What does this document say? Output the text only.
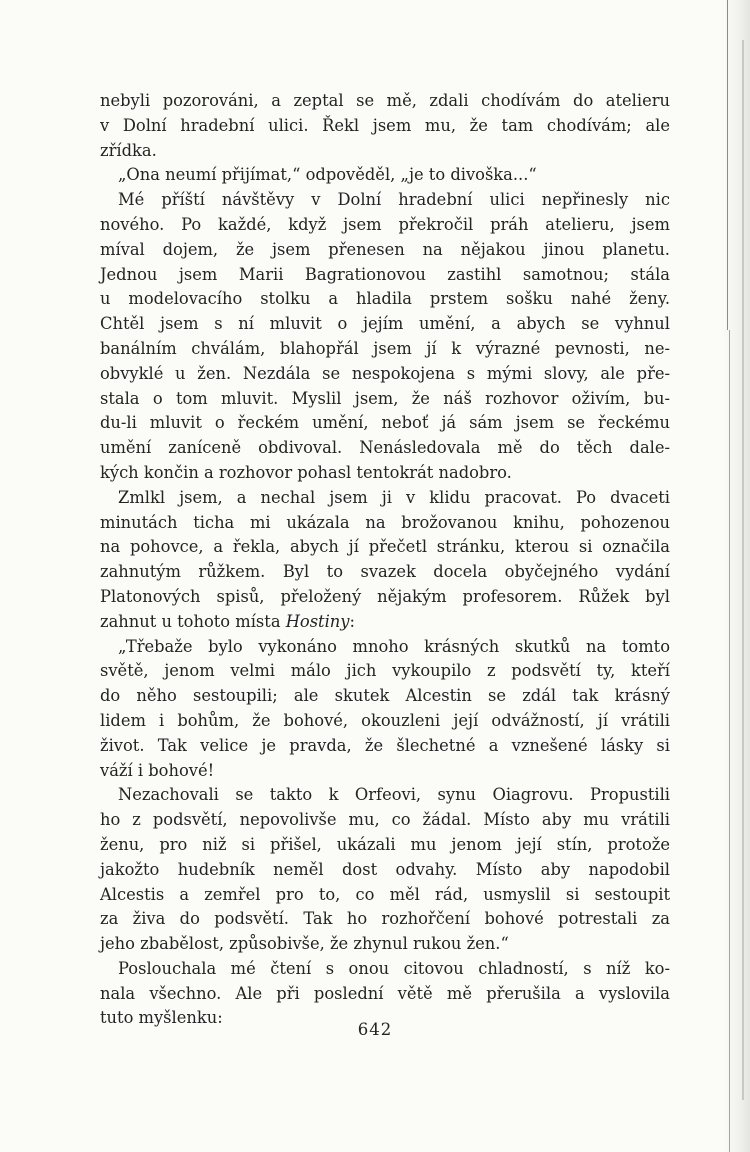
nebyli pozorováni, a zeptal se mě, zdali chodívám do atelieru
v Dolní hradební ulici. Řekl jsem mu, že tam chodívám; ale
zřídka.
„Ona neumí přijímat,“ odpověděl, „je to divoška...“
Mé příští návštěvy v Dolní hradební ulici nepřinesly nic
nového. Po každé, když jsem překročil práh atelieru, jsem
míval dojem, že jsem přenesen na nějakou jinou planetu.
Jednou jsem Marii Bagrationovou zastihl samotnou; stála
u modelovacího stolku a hladila prstem sošku nahé ženy.
Chtěl jsem s ní mluvit o jejím umění, a abych se vyhnul
banálním chválám, blahopřál jsem jí k výrazné pevnosti, ne-
obvyklé u žen. Nezdála se nespokojena s mými slovy, ale pře-
stala o tom mluvit. Myslil jsem, že náš rozhovor oživím, bu-
du-li mluvit o řeckém umění, neboť já sám jsem se řeckému
umění zaníceně obdivoval. Nenásledovala mě do těch dale-
kých končin a rozhovor pohasl tentokrát nadobro.
Zmlkl jsem, a nechal jsem ji v klidu pracovat. Po dvaceti
minutách ticha mi ukázala na brožovanou knihu, pohozenou
na pohovce, a řekla, abych jí přečetl stránku, kterou si označila
zahnutým růžkem. Byl to svazek docela obyčejného vydání
Platonových spisů, přeložený nějakým profesorem. Růžek byl
zahnut u tohoto místa Hostiny:
„Třebaže bylo vykonáno mnoho krásných skutků na tomto
světě, jenom velmi málo jich vykoupilo z podsvětí ty, kteří
do něho sestoupili; ale skutek Alcestin se zdál tak krásný
lidem i bohům, že bohové, okouzleni její odvážností, jí vrátili
život. Tak velice je pravda, že šlechetné a vznešené lásky si
váží i bohové!
Nezachovali se takto k Orfeovi, synu Oiagrovu. Propustili
ho z podsvětí, nepovolivše mu, co žádal. Místo aby mu vrátili
ženu, pro niž si přišel, ukázali mu jenom její stín, protože
jakožto hudebník neměl dost odvahy. Místo aby napodobil
Alcestis a zemřel pro to, co měl rád, usmyslil si sestoupit
za živa do podsvětí. Tak ho rozhořčení bohové potrestali za
jeho zbabělost, způsobivše, že zhynul rukou žen.“
Poslouchala mé čtení s onou citovou chladností, s níž ko-
nala všechno. Ale při poslední větě mě přerušila a vyslovila
tuto myšlenku:
642
